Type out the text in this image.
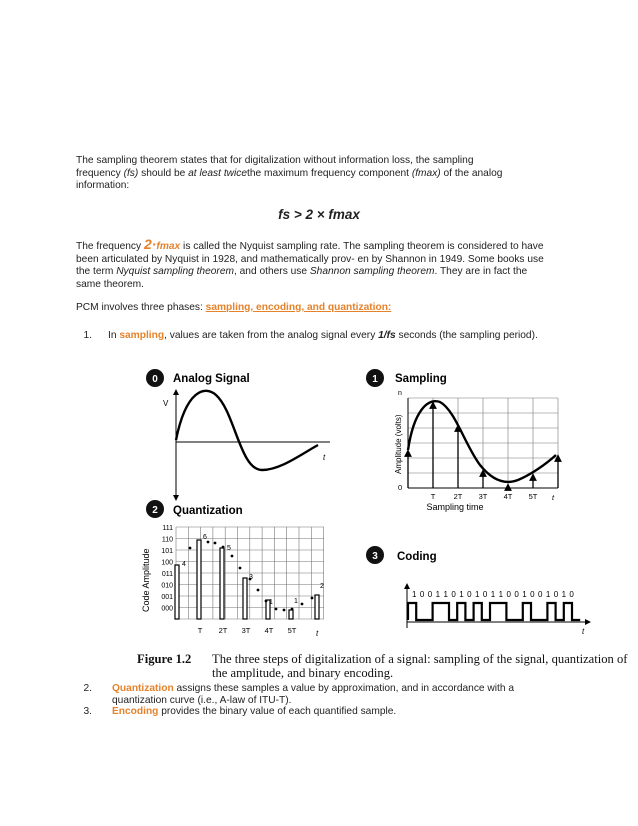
The sampling theorem states that for digitalization without information loss, the sampling
frequency (fs) should be at least twicethe maximum frequency component (fmax) of the analog
information:
fs > 2 × fmax
The frequency 2·fmax is called the Nyquist sampling rate. The sampling theorem is considered to have
been articulated by Nyquist in 1928, and mathematically prov- en by Shannon in 1949. Some books use
the term Nyquist sampling theorem, and others use Shannon sampling theorem. They are in fact the
same theorem.
PCM involves three phases: sampling, encoding, and quantization:
1. In sampling, values are taken from the analog signal every 1/fs seconds (the sampling period).
0 Analog Signal
V
t
1 Sampling
n
0
Amplitude (volts)
t
Sampling time
T 2T 3T 4T 5T
2 Quantization
Code Amplitude
111
110
101
100
011
010
001
000
T 2T 3T 4T 5T t
4
6
5
3
1	1
2
3 Coding
1 0 0 1 1 0 1 0 1 0 1 1 0 0 1 0 0 1 0 1 0
t
Figure 1.2 The three steps of digitalization of a signal: sampling of the signal, quantization of
the amplitude, and binary encoding.
2. Quantization assigns these samples a value by approximation, and in accordance with a
quantization curve (i.e., A-law of ITU-T).
3. Encoding provides the binary value of each quantified sample.
